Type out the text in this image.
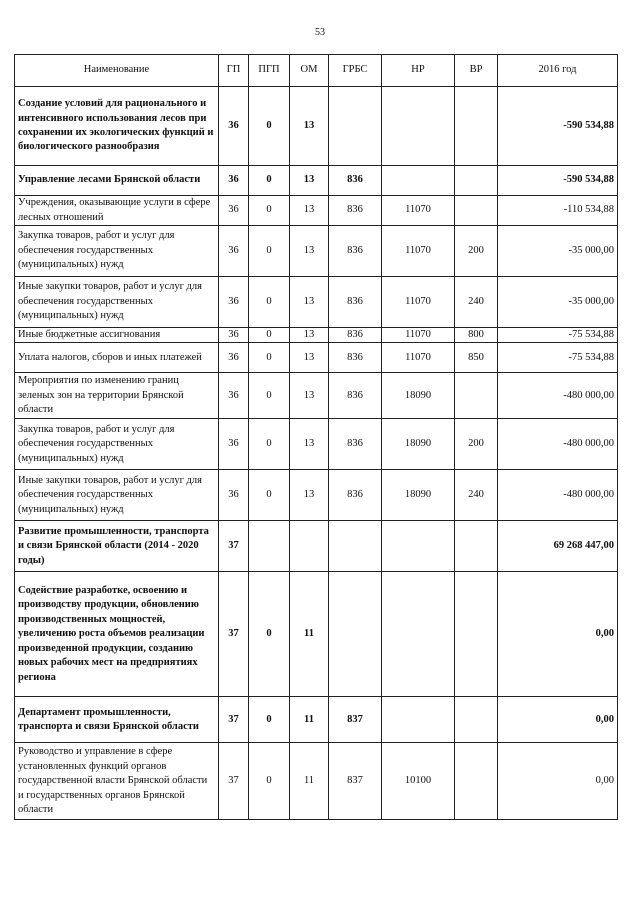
53
Наименование	ГП	ПГП	ОМ	ГРБС	НР	ВР	2016 год
Создание условий для рационального и интенсивного использования лесов при сохранении их экологических функций и биологического разнообразия	36	0	13				-590 534,88
Управление лесами Брянской области	36	0	13	836			-590 534,88
Учреждения, оказывающие услуги в сфере лесных отношений	36	0	13	836	11070		-110 534,88
Закупка товаров, работ и услуг для обеспечения государственных (муниципальных) нужд	36	0	13	836	11070	200	-35 000,00
Иные закупки товаров, работ и услуг для обеспечения государственных (муниципальных) нужд	36	0	13	836	11070	240	-35 000,00
Иные бюджетные ассигнования	36	0	13	836	11070	800	-75 534,88
Уплата налогов, сборов и иных платежей	36	0	13	836	11070	850	-75 534,88
Мероприятия по изменению границ зеленых зон на территории Брянской области	36	0	13	836	18090		-480 000,00
Закупка товаров, работ и услуг для обеспечения государственных (муниципальных) нужд	36	0	13	836	18090	200	-480 000,00
Иные закупки товаров, работ и услуг для обеспечения государственных (муниципальных) нужд	36	0	13	836	18090	240	-480 000,00
Развитие промышленности, транспорта и связи Брянской области (2014 - 2020 годы)	37						69 268 447,00
Содействие разработке, освоению и производству продукции, обновлению производственных мощностей, увеличению роста объемов реализации произведенной продукции, созданию новых рабочих мест на предприятиях региона	37	0	11				0,00
Департамент промышленности, транспорта и связи Брянской области	37	0	11	837			0,00
Руководство и управление в сфере установленных функций органов государственной власти Брянской области и государственных органов Брянской области	37	0	11	837	10100		0,00
